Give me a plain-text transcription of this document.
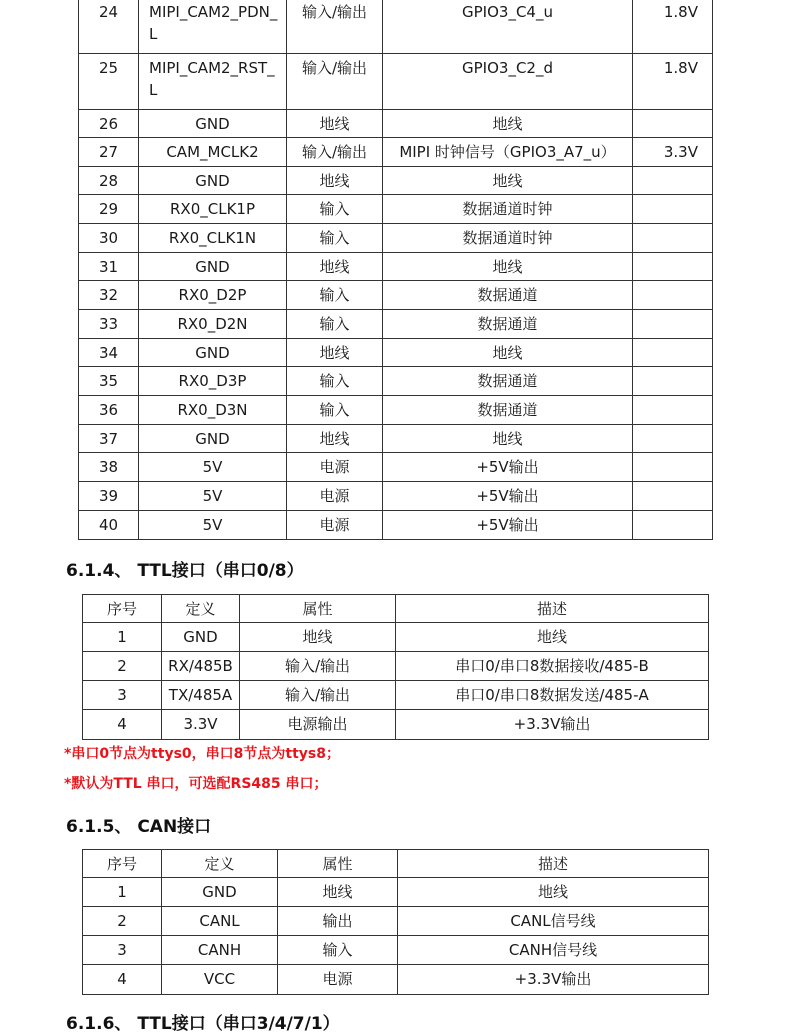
24	MIPI_CAM2_PDN_L	输入/输出	GPIO3_C4_u	1.8V
25	MIPI_CAM2_RST_L	输入/输出	GPIO3_C2_d	1.8V
26	GND	地线	地线	
27	CAM_MCLK2	输入/输出	MIPI 时钟信号（GPIO3_A7_u）	3.3V
28	GND	地线	地线	
29	RX0_CLK1P	输入	数据通道时钟	
30	RX0_CLK1N	输入	数据通道时钟	
31	GND	地线	地线	
32	RX0_D2P	输入	数据通道	
33	RX0_D2N	输入	数据通道	
34	GND	地线	地线	
35	RX0_D3P	输入	数据通道	
36	RX0_D3N	输入	数据通道	
37	GND	地线	地线	
38	5V	电源	+5V输出	
39	5V	电源	+5V输出	
40	5V	电源	+5V输出	
6.1.4、 TTL接口（串口0/8）
序号	定义	属性	描述
1	GND	地线	地线
2	RX/485B	输入/输出	串口0/串口8数据接收/485-B
3	TX/485A	输入/输出	串口0/串口8数据发送/485-A
4	3.3V	电源输出	+3.3V输出
*串口0节点为ttys0，串口8节点为ttys8；
*默认为TTL 串口，可选配RS485 串口；
6.1.5、 CAN接口
序号	定义	属性	描述
1	GND	地线	地线
2	CANL	输出	CANL信号线
3	CANH	输入	CANH信号线
4	VCC	电源	+3.3V输出
6.1.6、 TTL接口（串口3/4/7/1）
